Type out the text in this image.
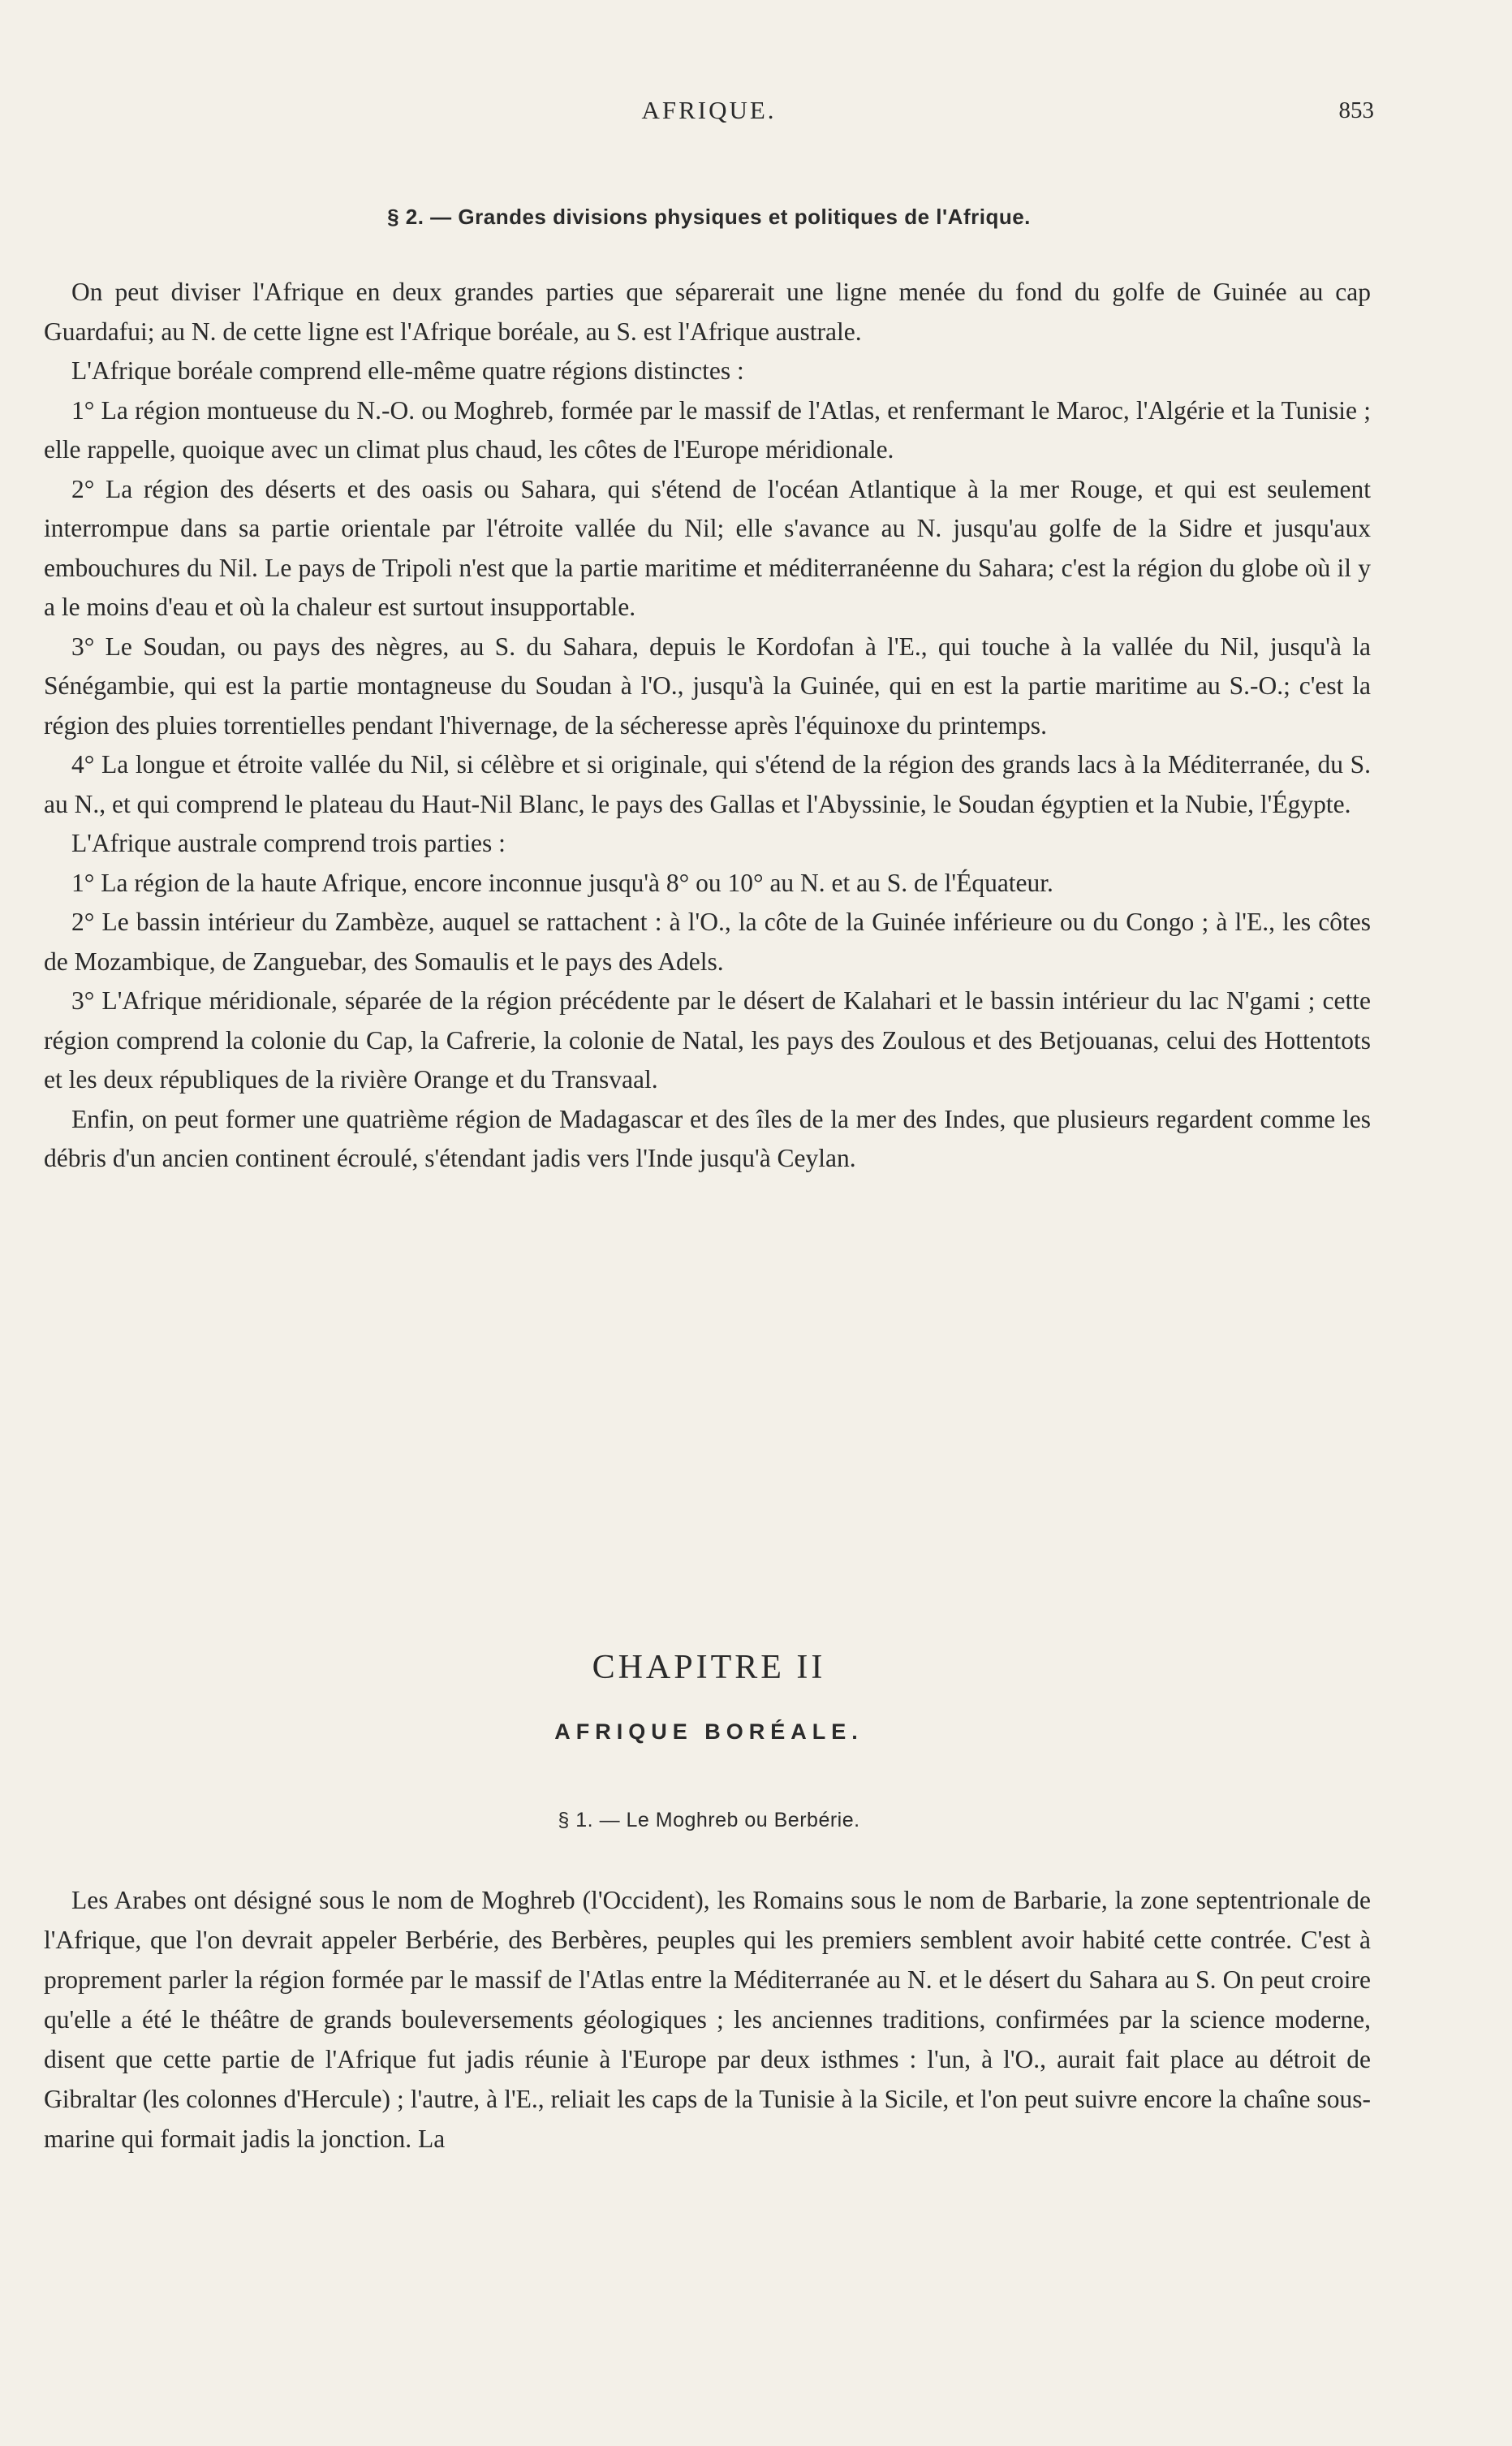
AFRIQUE.	853
§ 2. — Grandes divisions physiques et politiques de l'Afrique.

On peut diviser l'Afrique en deux grandes parties que séparerait une ligne menée du fond du golfe de Guinée au cap Guardafui; au N. de cette ligne est l'Afrique boréale, au S. est l'Afrique australe.

L'Afrique boréale comprend elle-même quatre régions distinctes :

1° La région montueuse du N.-O. ou Moghreb, formée par le massif de l'Atlas, et renfermant le Maroc, l'Algérie et la Tunisie ; elle rappelle, quoique avec un climat plus chaud, les côtes de l'Europe méridionale.

2° La région des déserts et des oasis ou Sahara, qui s'étend de l'océan Atlantique à la mer Rouge, et qui est seulement interrompue dans sa partie orientale par l'étroite vallée du Nil; elle s'avance au N. jusqu'au golfe de la Sidre et jusqu'aux embouchures du Nil. Le pays de Tripoli n'est que la partie maritime et méditerranéenne du Sahara; c'est la région du globe où il y a le moins d'eau et où la chaleur est surtout insupportable.

3° Le Soudan, ou pays des nègres, au S. du Sahara, depuis le Kordofan à l'E., qui touche à la vallée du Nil, jusqu'à la Sénégambie, qui est la partie montagneuse du Soudan à l'O., jusqu'à la Guinée, qui en est la partie maritime au S.-O.; c'est la région des pluies torrentielles pendant l'hivernage, de la sécheresse après l'équinoxe du printemps.

4° La longue et étroite vallée du Nil, si célèbre et si originale, qui s'étend de la région des grands lacs à la Méditerranée, du S. au N., et qui comprend le plateau du Haut-Nil Blanc, le pays des Gallas et l'Abyssinie, le Soudan égyptien et la Nubie, l'Égypte.

L'Afrique australe comprend trois parties :

1° La région de la haute Afrique, encore inconnue jusqu'à 8° ou 10° au N. et au S. de l'Équateur.

2° Le bassin intérieur du Zambèze, auquel se rattachent : à l'O., la côte de la Guinée inférieure ou du Congo ; à l'E., les côtes de Mozambique, de Zanguebar, des Somaulis et le pays des Adels.

3° L'Afrique méridionale, séparée de la région précédente par le désert de Kalahari et le bassin intérieur du lac N'gami ; cette région comprend la colonie du Cap, la Cafrerie, la colonie de Natal, les pays des Zoulous et des Betjouanas, celui des Hottentots et les deux républiques de la rivière Orange et du Transvaal.

Enfin, on peut former une quatrième région de Madagascar et des îles de la mer des Indes, que plusieurs regardent comme les débris d'un ancien continent écroulé, s'étendant jadis vers l'Inde jusqu'à Ceylan.

CHAPITRE II
AFRIQUE BORÉALE.
§ 1. — Le Moghreb ou Berbérie.

Les Arabes ont désigné sous le nom de Moghreb (l'Occident), les Romains sous le nom de Barbarie, la zone septentrionale de l'Afrique, que l'on devrait appeler Berbérie, des Berbères, peuples qui les premiers semblent avoir habité cette contrée. C'est à proprement parler la région formée par le massif de l'Atlas entre la Méditerranée au N. et le désert du Sahara au S. On peut croire qu'elle a été le théâtre de grands bouleversements géologiques ; les anciennes traditions, confirmées par la science moderne, disent que cette partie de l'Afrique fut jadis réunie à l'Europe par deux isthmes : l'un, à l'O., aurait fait place au détroit de Gibraltar (les colonnes d'Hercule) ; l'autre, à l'E., reliait les caps de la Tunisie à la Sicile, et l'on peut suivre encore la chaîne sous-marine qui formait jadis la jonction. La
